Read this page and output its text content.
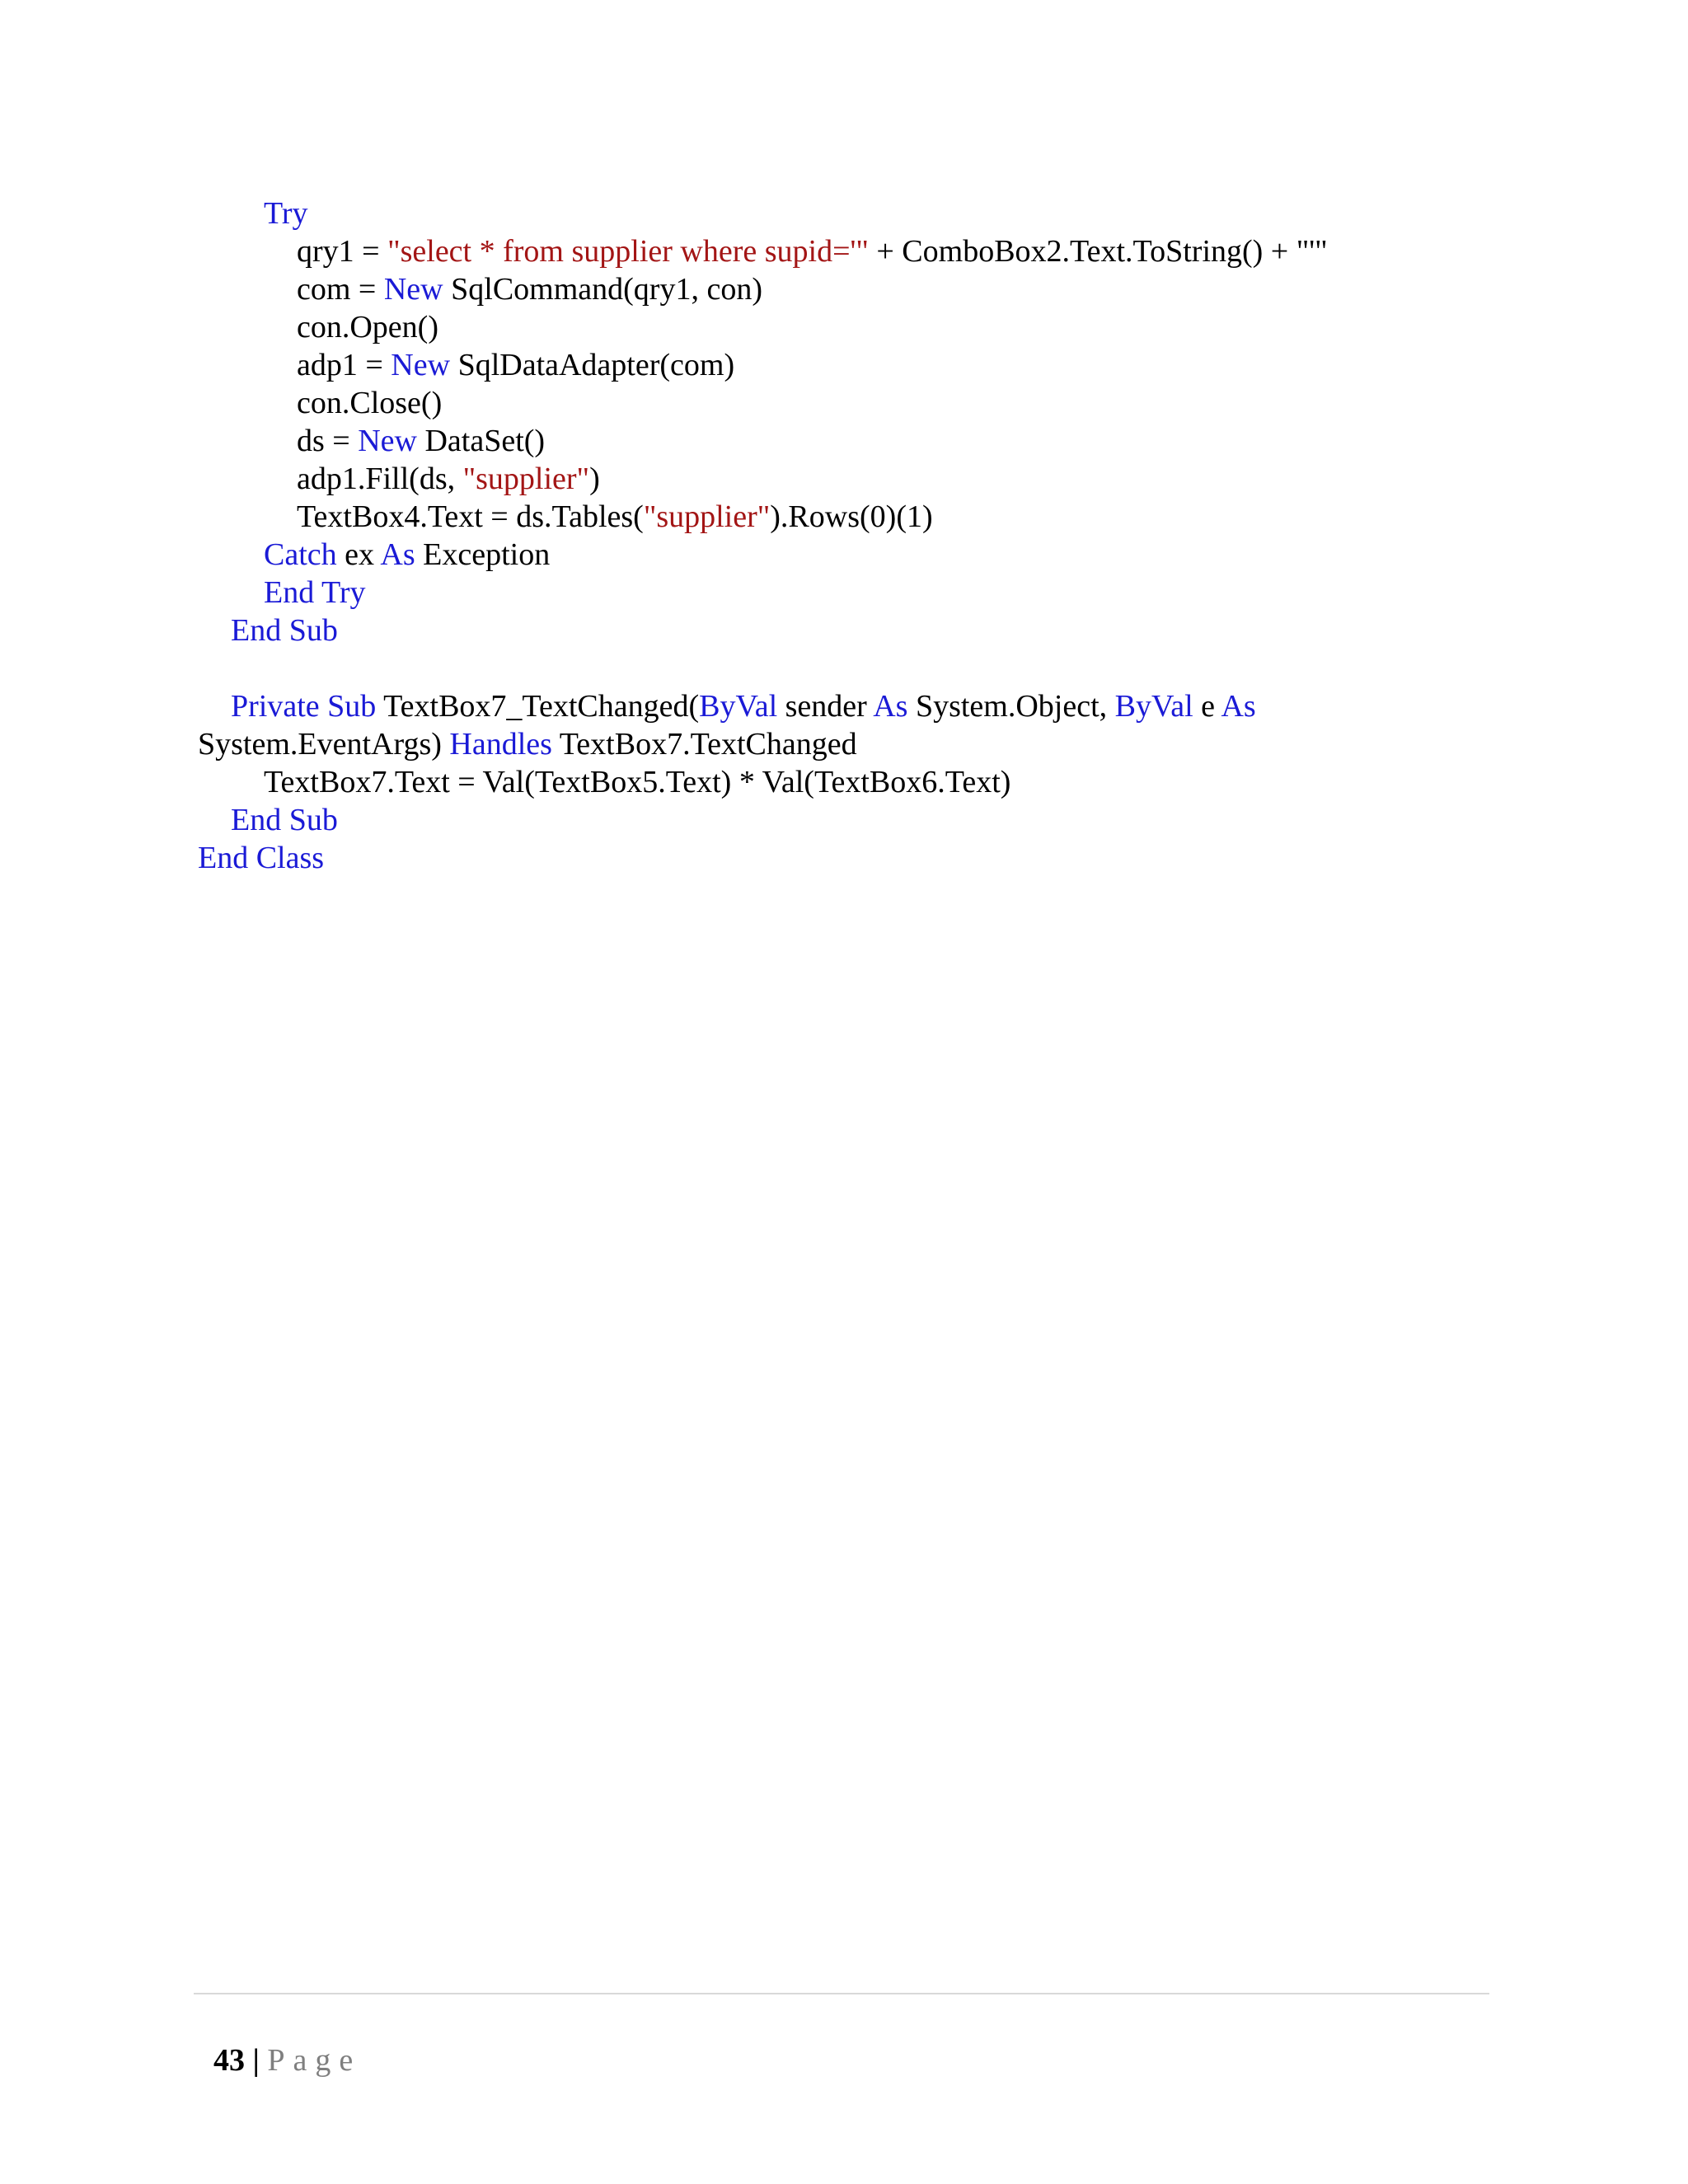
Try
qry1 = "select * from supplier where supid='" + ComboBox2.Text.ToString() + "'"
com = New SqlCommand(qry1, con)
con.Open()
adp1 = New SqlDataAdapter(com)
con.Close()
ds = New DataSet()
adp1.Fill(ds, "supplier")
TextBox4.Text = ds.Tables("supplier").Rows(0)(1)
Catch ex As Exception
End Try
End Sub
Private Sub TextBox7_TextChanged(ByVal sender As System.Object, ByVal e As
System.EventArgs) Handles TextBox7.TextChanged
TextBox7.Text = Val(TextBox5.Text) * Val(TextBox6.Text)
End Sub
End Class

43 | Page
